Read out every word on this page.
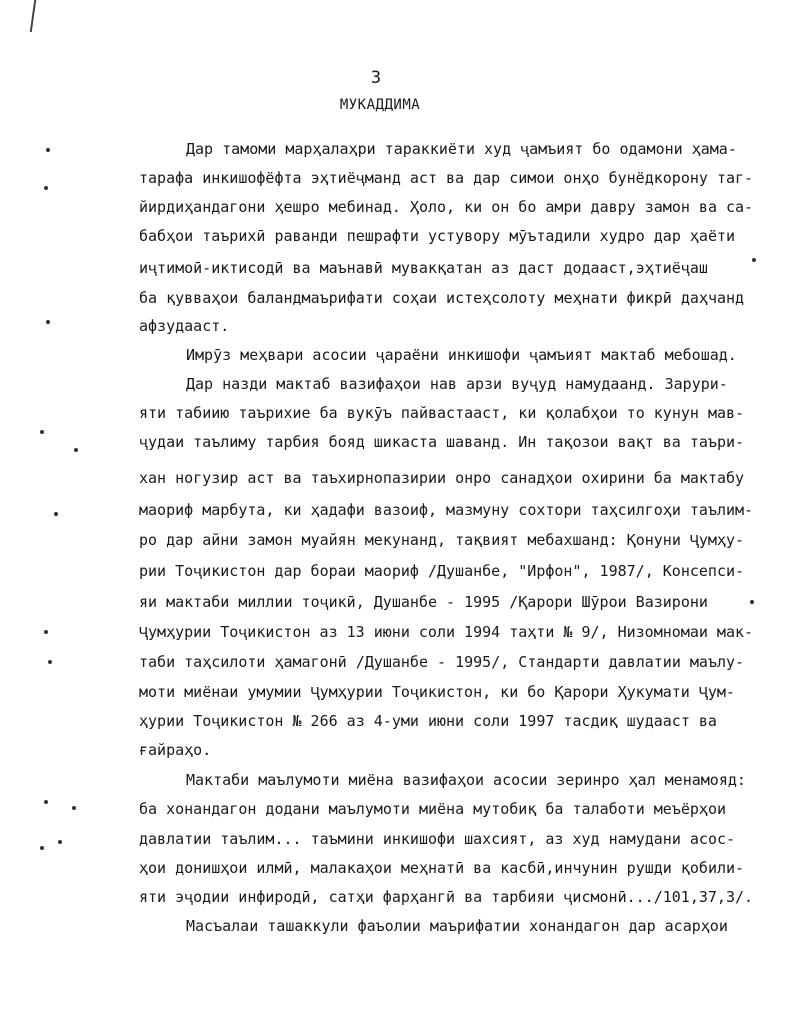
3
МУКАДДИМА
Дар тамоми марҳалаҳри тараккиёти худ ҷамъият бо одамони ҳама-
тарафа инкишофёфта эҳтиёҷманд аст ва дар симои онҳо бунёдкорону таг-
йирдиҳандагони ҳешро мебинад. Ҳоло, ки он бо амри давру замон ва сa-
бабҳои таърихӣ раванди пешрафти устувору мӯътадили худро дар ҳаёти
иҷтимоӣ-иктисодӣ ва маънавӣ мувакқатан аз даст додааст,эҳтиёҷаш
ба қувваҳои баландмаърифати соҳаи истеҳсолоту меҳнати фикрӣ даҳчанд
афзудааст.
Имрӯз меҳвари асосии ҷараёни инкишофи ҷамъият мактаб мебошад.
Дар назди мактаб вазифаҳои нав арзи вуҷуд намудаанд. Зарури-
яти табиию таърихие ба вукӯъ пайвастааст, ки қолабҳои то кунун мав-
ҷудаи таълиму тарбия бояд шикаста шаванд. Ин тақозои вақт ва таъри-
хан ногузир аст ва таъхирнопазирии онро санадҳои охирини ба мактабу
маориф марбута, ки ҳадафи вазоиф, мазмуну сохтори таҳсилгоҳи таълим-
ро дар айни замон муайян мекунанд, тақвият мебахшанд: Қонуни Ҷумҳу-
рии Тоҷикистон дар бораи маориф /Душанбе, "Ирфон", 1987/, Консепси-
яи мактаби миллии тоҷикӣ, Душанбе - 1995 /Қарори Шӯрои Вазирони
Ҷумҳурии Тоҷикистон аз 13 июни соли 1994 таҳти № 9/, Низомномаи мак-
таби таҳсилоти ҳамагонӣ /Душанбе - 1995/, Стандарти давлатии маълу-
моти миёнаи умумии Ҷумҳурии Тоҷикистон, ки бо Қарори Ҳукумати Ҷум-
ҳурии Тоҷикистон № 266 аз 4-уми июни соли 1997 тасдиқ шудааст ва
ғайраҳо.
Мактаби маълумоти миёна вазифаҳои асосии зеринро ҳал менамояд:
ба хонандагон додани маълумоти миёна мутобиқ ба талаботи меъёрҳои
давлатии таълим... таъмини инкишофи шахсият, аз худ намудани асос-
ҳои донишҳои илмӣ, малакаҳои меҳнатӣ ва касбӣ,инчунин рушди қобили-
яти эҷодии инфиродӣ, сатҳи фарҳангӣ ва тарбияи ҷисмонӣ.../101,37,3/.
Масъалаи ташаккули фаъолии маърифатии хонандагон дар асарҳои
